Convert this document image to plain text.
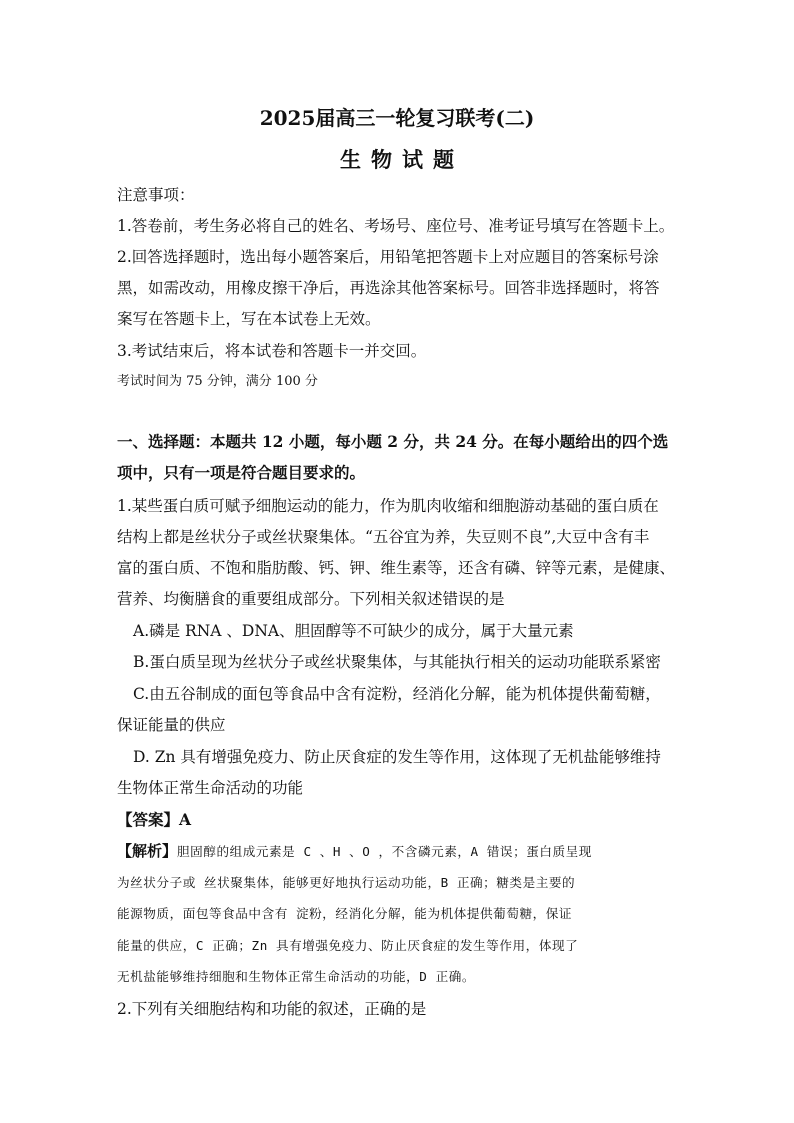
2025届高三一轮复习联考(二)
生物试题
注意事项：
1.答卷前，考生务必将自己的姓名、考场号、座位号、准考证号填写在答题卡上。
2.回答选择题时，选出每小题答案后，用铅笔把答题卡上对应题目的答案标号涂
黑，如需改动，用橡皮擦干净后，再选涂其他答案标号。回答非选择题时，将答
案写在答题卡上，写在本试卷上无效。
3.考试结束后，将本试卷和答题卡一并交回。
考试时间为 75 分钟，满分 100 分
一、选择题：本题共 12 小题，每小题 2 分，共 24 分。在每小题给出的四个选
项中，只有一项是符合题目要求的。
1.某些蛋白质可赋予细胞运动的能力，作为肌肉收缩和细胞游动基础的蛋白质在
结构上都是丝状分子或丝状聚集体。“五谷宜为养，失豆则不良”,大豆中含有丰
富的蛋白质、不饱和脂肪酸、钙、钾、维生素等，还含有磷、锌等元素，是健康、
营养、均衡膳食的重要组成部分。下列相关叙述错误的是
A.磷是 RNA 、DNA、胆固醇等不可缺少的成分，属于大量元素
B.蛋白质呈现为丝状分子或丝状聚集体，与其能执行相关的运动功能联系紧密
C.由五谷制成的面包等食品中含有淀粉，经消化分解，能为机体提供葡萄糖，
保证能量的供应
D. Zn 具有增强免疫力、防止厌食症的发生等作用，这体现了无机盐能够维持
生物体正常生命活动的功能
【答案】A
【解析】胆固醇的组成元素是 C 、H 、O ，不含磷元素，A 错误；蛋白质呈现
为丝状分子或 丝状聚集体，能够更好地执行运动功能，B 正确；糖类是主要的
能源物质，面包等食品中含有 淀粉，经消化分解，能为机体提供葡萄糖，保证
能量的供应，C 正确；Zn 具有增强免疫力、防止厌食症的发生等作用，体现了
无机盐能够维持细胞和生物体正常生命活动的功能，D 正确。
2.下列有关细胞结构和功能的叙述，正确的是
